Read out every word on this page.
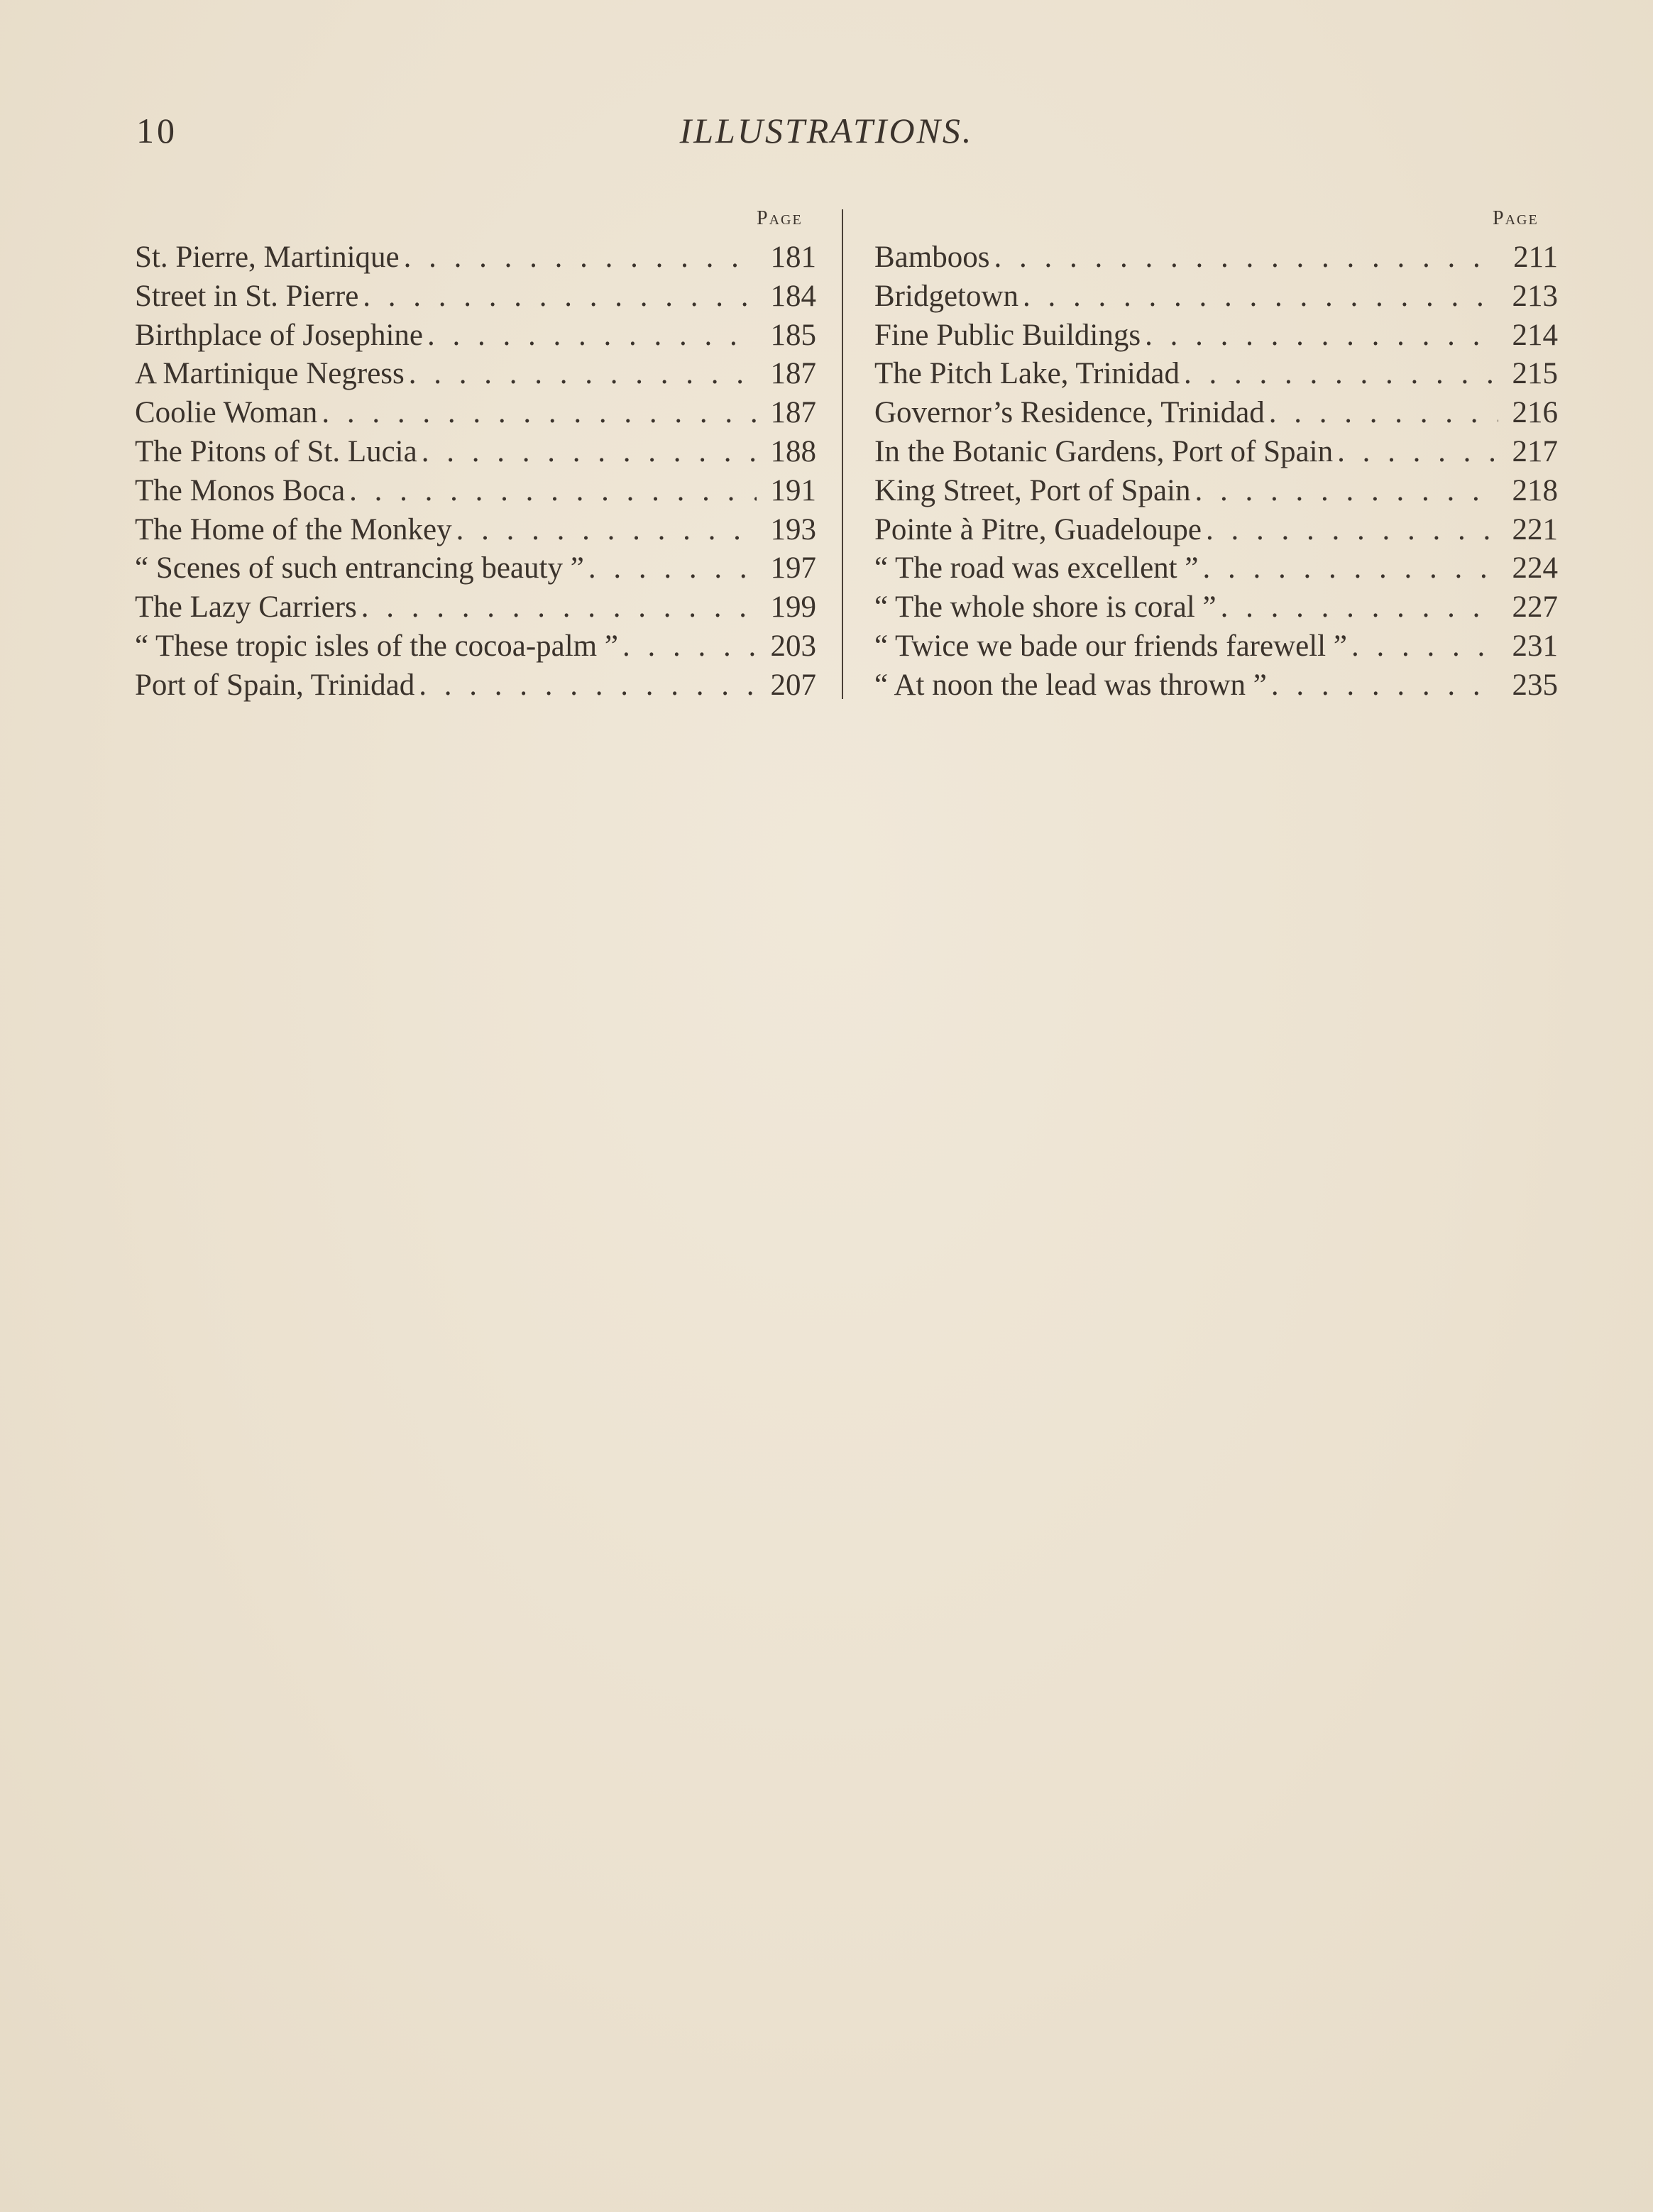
10	ILLUSTRATIONS.
Page	Page
St. Pierre, Martinique . . .	181
Street in St. Pierre . . .	184
Birthplace of Josephine . . .	185
A Martinique Negress . . .	187
Coolie Woman . . .	187
The Pitons of St. Lucia . . .	188
The Monos Boca . . .	191
The Home of the Monkey . . .	193
“ Scenes of such entrancing beauty ” . . .	197
The Lazy Carriers . . .	199
“ These tropic isles of the cocoa-palm ” . . .	203
Port of Spain, Trinidad . . .	207
Bamboos . . .	211
Bridgetown . . .	213
Fine Public Buildings . . .	214
The Pitch Lake, Trinidad . . .	215
Governor’s Residence, Trinidad . . .	216
In the Botanic Gardens, Port of Spain . . .	217
King Street, Port of Spain . . .	218
Pointe à Pitre, Guadeloupe . . .	221
“ The road was excellent ” . . .	224
“ The whole shore is coral ” . . .	227
“ Twice we bade our friends farewell ” . . .	231
“ At noon the lead was thrown ” . . .	235
